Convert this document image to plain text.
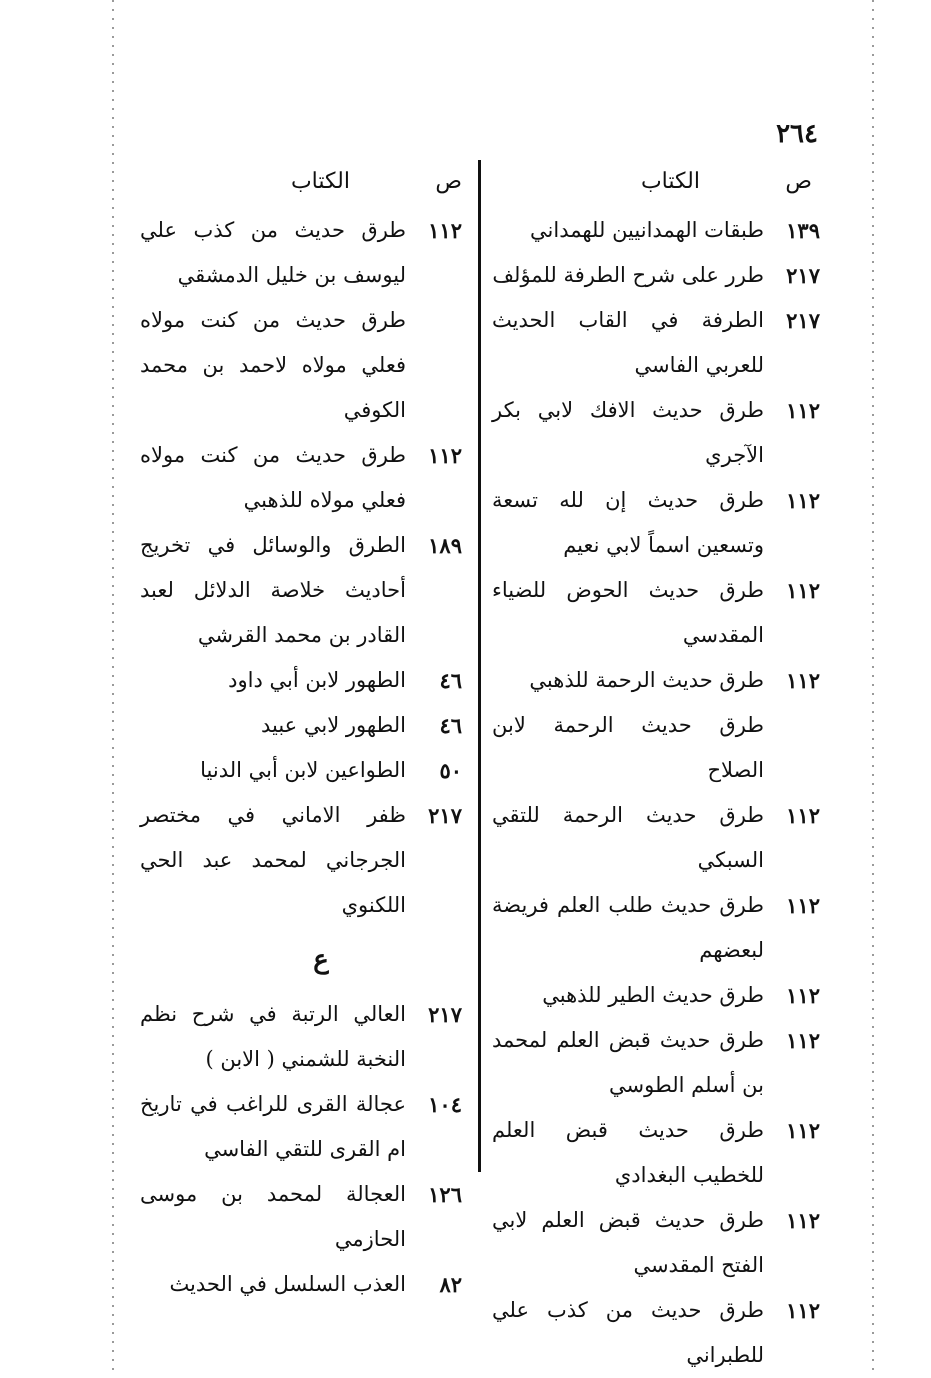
٢٦٤
ص
الكتاب
ص
الكتاب
١٣٩
طبقات الهمدانيين للهمداني
٢١٧
طرر على شرح الطرفة للمؤلف
٢١٧
الطرفة في القاب الحديث للعربي الفاسي
١١٢
طرق حديث الافك لابي بكر الآجري
١١٢
طرق حديث إن لله تسعة وتسعين اسماً لابي نعيم
١١٢
طرق حديث الحوض للضياء المقدسي
١١٢
طرق حديث الرحمة للذهبي
طرق حديث الرحمة لابن الصلاح
١١٢
طرق حديث الرحمة للتقي السبكي
١١٢
طرق حديث طلب العلم فريضة لبعضهم
١١٢
طرق حديث الطير للذهبي
١١٢
طرق حديث قبض العلم لمحمد بن أسلم الطوسي
١١٢
طرق حديث قبض العلم للخطيب البغدادي
١١٢
طرق حديث قبض العلم لابي الفتح المقدسي
١١٢
طرق حديث من كذب علي للطبراني
١١٢
طرق حديث من كذب علي ليوسف بن خليل الدمشقي
طرق حديث من كنت مولاه فعلي مولاه لاحمد بن محمد الكوفي
١١٢
طرق حديث من كنت مولاه فعلي مولاه للذهبي
١٨٩
الطرق والوسائل في تخريج أحاديث خلاصة الدلائل لعبد القادر بن محمد القرشي
٤٦
الطهور لابن أبي داود
٤٦
الطهور لابي عبيد
٥٠
الطواعين لابن أبي الدنيا
٢١٧
ظفر الاماني في مختصر الجرجاني لمحمد عبد الحي اللكنوي
ع
٢١٧
العالي الرتبة في شرح نظم النخبة للشمني ( الابن )
١٠٤
عجالة القرى للراغب في تاريخ ام القرى للتقي الفاسي
١٢٦
العجالة لمحمد بن موسى الحازمي
٨٢
العذب السلسل في الحديث
